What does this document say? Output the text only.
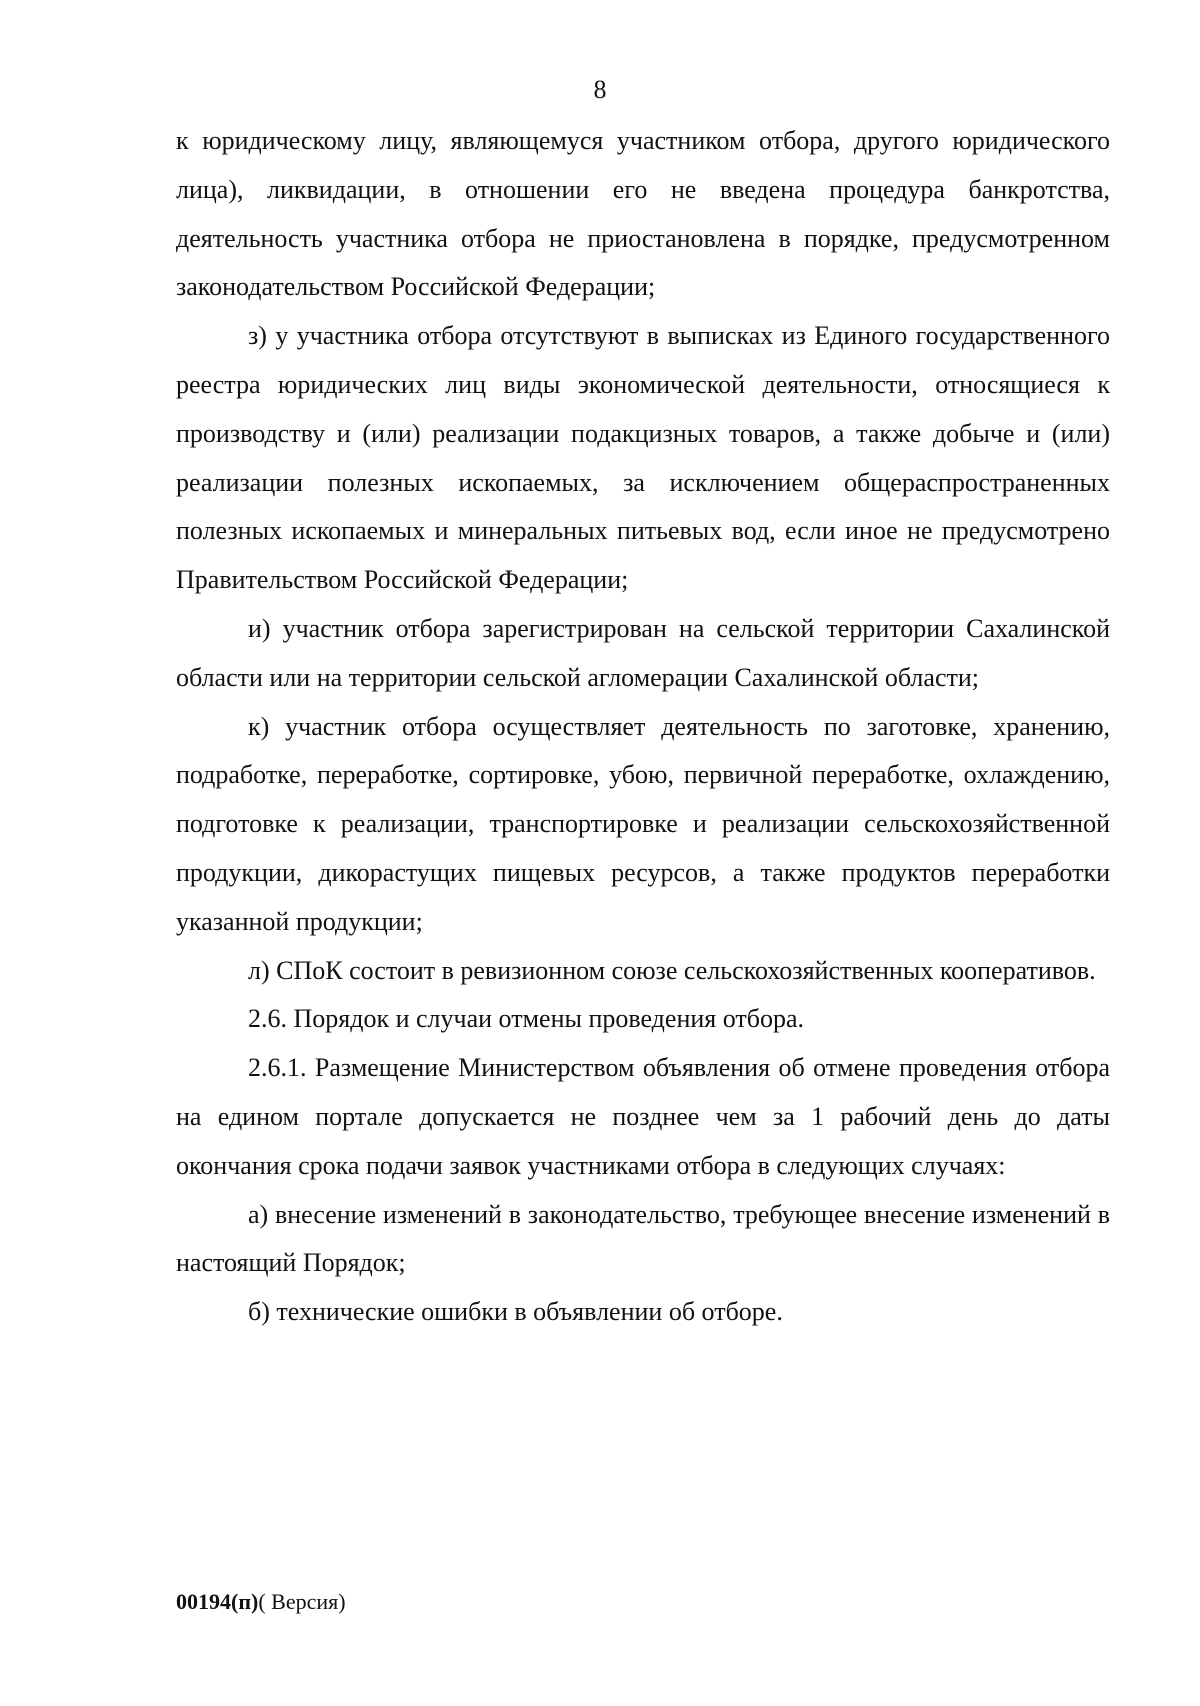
8

к юридическому лицу, являющемуся участником отбора, другого юридического лица), ликвидации, в отношении его не введена процедура банкротства, деятельность участника отбора не приостановлена в порядке, предусмотренном законодательством Российской Федерации;

з) у участника отбора отсутствуют в выписках из Единого государственного реестра юридических лиц виды экономической деятельности, относящиеся к производству и (или) реализации подакцизных товаров, а также добыче и (или) реализации полезных ископаемых, за исключением общераспространенных полезных ископаемых и минеральных питьевых вод, если иное не предусмотрено Правительством Российской Федерации;

и) участник отбора зарегистрирован на сельской территории Сахалинской области или на территории сельской агломерации Сахалинской области;

к) участник отбора осуществляет деятельность по заготовке, хранению, подработке, переработке, сортировке, убою, первичной переработке, охлаждению, подготовке к реализации, транспортировке и реализации сельскохозяйственной продукции, дикорастущих пищевых ресурсов, а также продуктов переработки указанной продукции;

л) СПоК состоит в ревизионном союзе сельскохозяйственных кооперативов.

2.6. Порядок и случаи отмены проведения отбора.

2.6.1. Размещение Министерством объявления об отмене проведения отбора на едином портале допускается не позднее чем за 1 рабочий день до даты окончания срока подачи заявок участниками отбора в следующих случаях:

а) внесение изменений в законодательство, требующее внесение изменений в настоящий Порядок;

б) технические ошибки в объявлении об отборе.

00194(п)( Версия)
